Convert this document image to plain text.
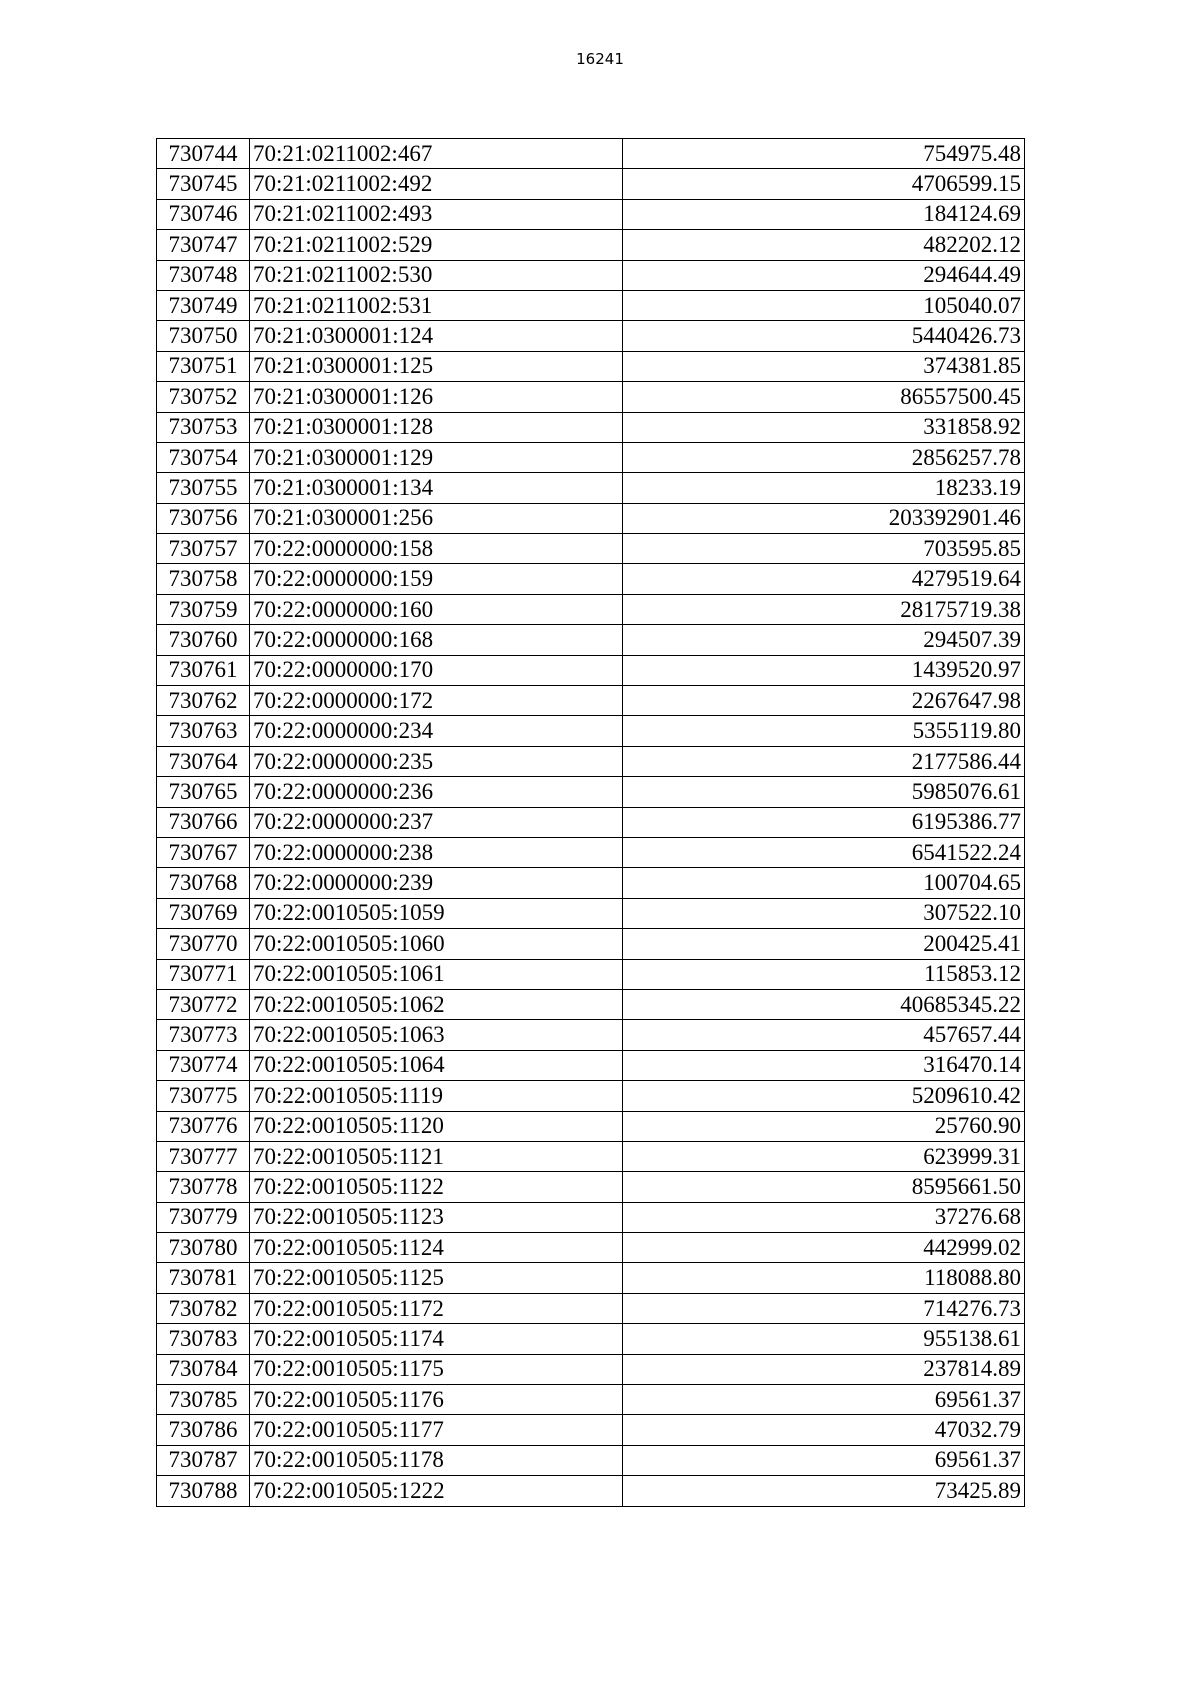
16241
730744	70:21:0211002:467	754975.48
730745	70:21:0211002:492	4706599.15
730746	70:21:0211002:493	184124.69
730747	70:21:0211002:529	482202.12
730748	70:21:0211002:530	294644.49
730749	70:21:0211002:531	105040.07
730750	70:21:0300001:124	5440426.73
730751	70:21:0300001:125	374381.85
730752	70:21:0300001:126	86557500.45
730753	70:21:0300001:128	331858.92
730754	70:21:0300001:129	2856257.78
730755	70:21:0300001:134	18233.19
730756	70:21:0300001:256	203392901.46
730757	70:22:0000000:158	703595.85
730758	70:22:0000000:159	4279519.64
730759	70:22:0000000:160	28175719.38
730760	70:22:0000000:168	294507.39
730761	70:22:0000000:170	1439520.97
730762	70:22:0000000:172	2267647.98
730763	70:22:0000000:234	5355119.80
730764	70:22:0000000:235	2177586.44
730765	70:22:0000000:236	5985076.61
730766	70:22:0000000:237	6195386.77
730767	70:22:0000000:238	6541522.24
730768	70:22:0000000:239	100704.65
730769	70:22:0010505:1059	307522.10
730770	70:22:0010505:1060	200425.41
730771	70:22:0010505:1061	115853.12
730772	70:22:0010505:1062	40685345.22
730773	70:22:0010505:1063	457657.44
730774	70:22:0010505:1064	316470.14
730775	70:22:0010505:1119	5209610.42
730776	70:22:0010505:1120	25760.90
730777	70:22:0010505:1121	623999.31
730778	70:22:0010505:1122	8595661.50
730779	70:22:0010505:1123	37276.68
730780	70:22:0010505:1124	442999.02
730781	70:22:0010505:1125	118088.80
730782	70:22:0010505:1172	714276.73
730783	70:22:0010505:1174	955138.61
730784	70:22:0010505:1175	237814.89
730785	70:22:0010505:1176	69561.37
730786	70:22:0010505:1177	47032.79
730787	70:22:0010505:1178	69561.37
730788	70:22:0010505:1222	73425.89
